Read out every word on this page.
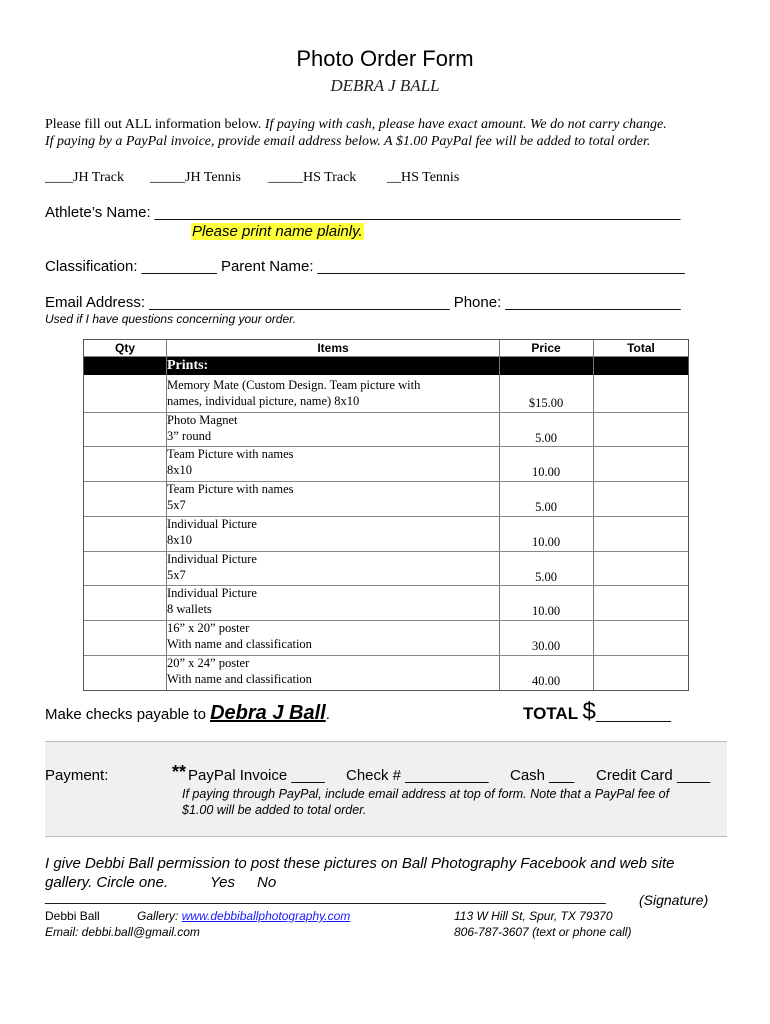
Photo Order Form
DEBRA J BALL
Please fill out ALL information below. If paying with cash, please have exact amount. We do not carry change.
If paying by a PayPal invoice, provide email address below. A $1.00 PayPal fee will be added to total order.
____JH Track _____JH Tennis _____HS Track __HS Tennis
Athlete’s Name: _______________________________________________________________
Please print name plainly.
Classification: _________ Parent Name: ____________________________________________
Email Address: ____________________________________ Phone: _____________________
Used if I have questions concerning your order.
Qty	Items	Price	Total
Prints:
Memory Mate (Custom Design. Team picture with
names, individual picture, name) 8x10	$15.00
Photo Magnet
3” round	5.00
Team Picture with names
8x10	10.00
Team Picture with names
5x7	5.00
Individual Picture
8x10	10.00
Individual Picture
5x7	5.00
Individual Picture
8 wallets	10.00
16” x 20” poster
With name and classification	30.00
20” x 24” poster
With name and classification	40.00
Make checks payable to Debra J Ball.	TOTAL $_________
Payment:	** PayPal Invoice ____ Check # __________ Cash ___ Credit Card ____
If paying through PayPal, include email address at top of form. Note that a PayPal fee of
$1.00 will be added to total order.
I give Debbi Ball permission to post these pictures on Ball Photography Facebook and web site
gallery. Circle one.	Yes No
________________________________________________________________________ (Signature)
Debbi Ball	Gallery: www.debbiballphotography.com
Email: debbi.ball@gmail.com
113 W Hill St, Spur, TX 79370
806-787-3607 (text or phone call)
